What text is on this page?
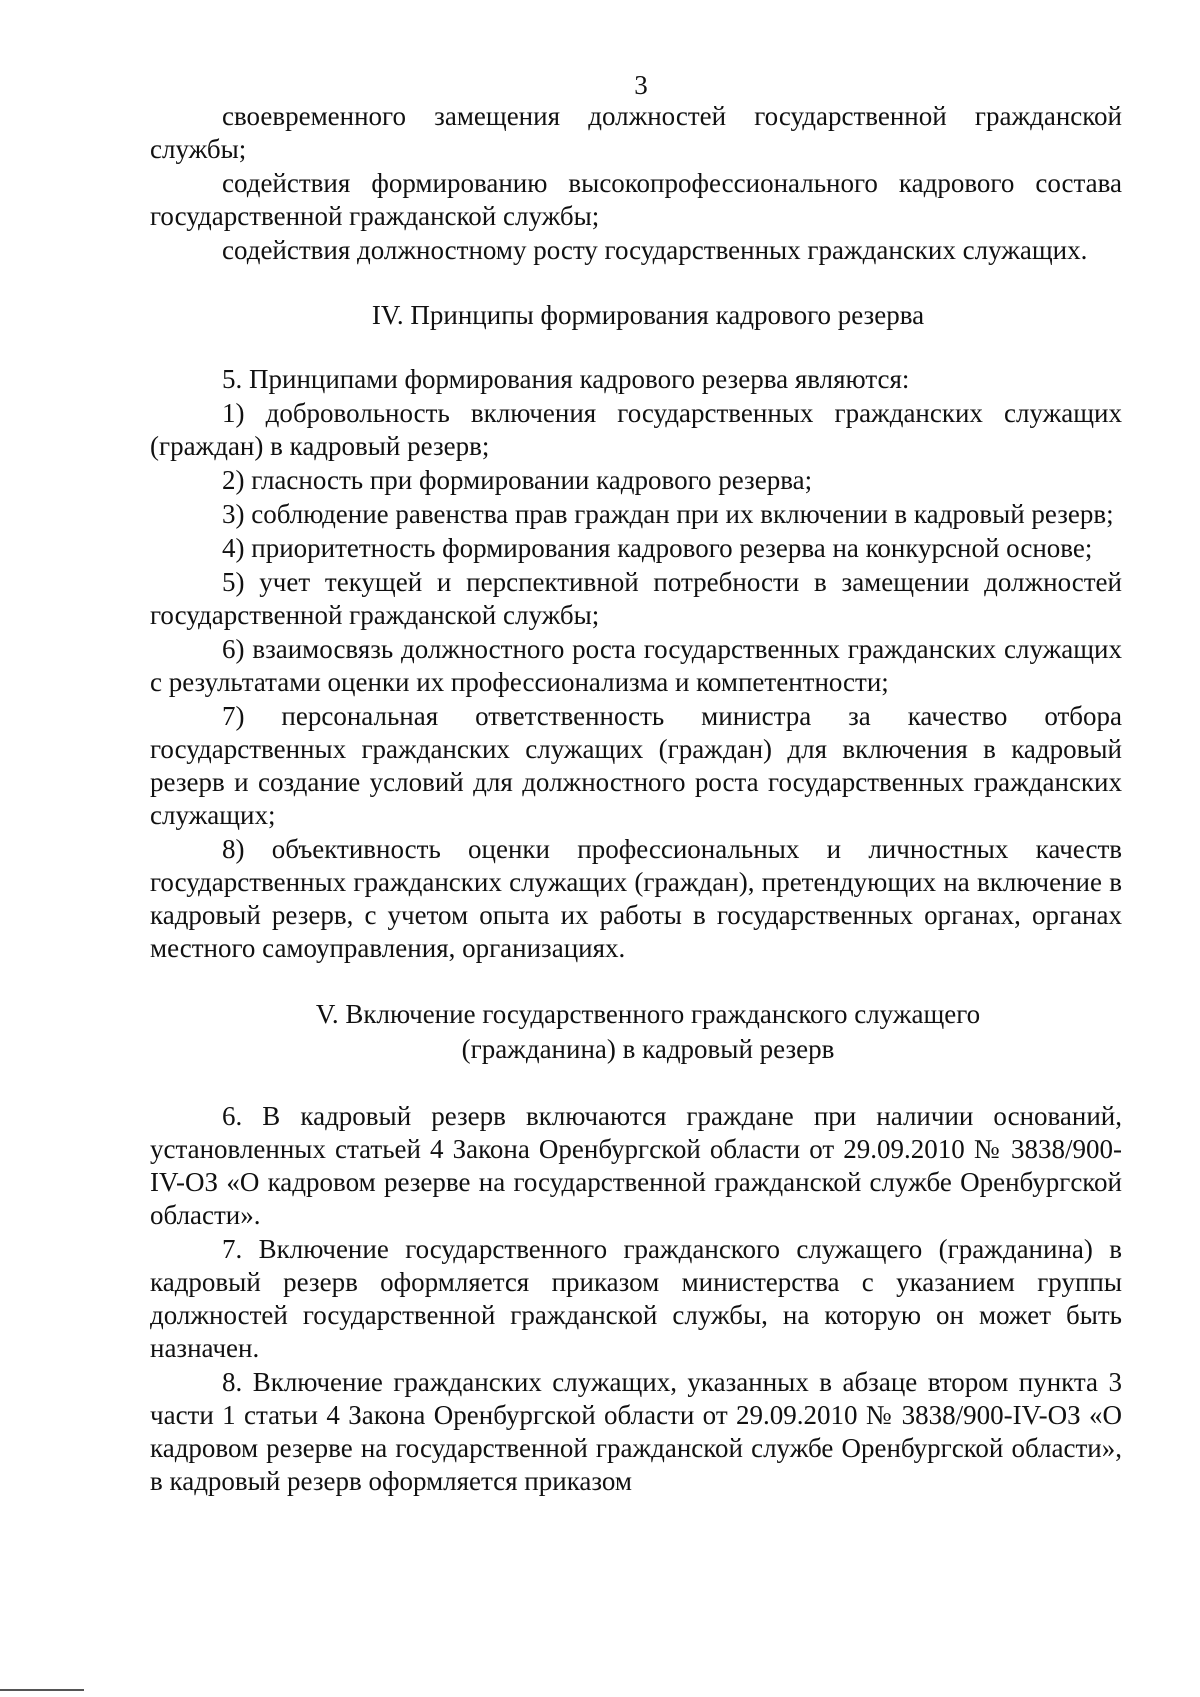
3

своевременного замещения должностей государственной гражданской службы;

содействия формированию высокопрофессионального кадрового состава государственной гражданской службы;

содействия должностному росту государственных гражданских служащих.

IV. Принципы формирования кадрового резерва

5. Принципами формирования кадрового резерва являются:

1) добровольность включения государственных гражданских служащих (граждан) в кадровый резерв;

2) гласность при формировании кадрового резерва;

3) соблюдение равенства прав граждан при их включении в кадровый резерв;

4) приоритетность формирования кадрового резерва на конкурсной основе;

5) учет текущей и перспективной потребности в замещении должностей государственной гражданской службы;

6) взаимосвязь должностного роста государственных гражданских служащих с результатами оценки их профессионализма и компетентности;

7) персональная ответственность министра за качество отбора государственных гражданских служащих (граждан) для включения в кадровый резерв и создание условий для должностного роста государственных гражданских служащих;

8) объективность оценки профессиональных и личностных качеств государственных гражданских служащих (граждан), претендующих на включение в кадровый резерв, с учетом опыта их работы в государственных органах, органах местного самоуправления, организациях.

V. Включение государственного гражданского служащего
(гражданина) в кадровый резерв

6. В кадровый резерв включаются граждане при наличии оснований, установленных статьей 4 Закона Оренбургской области от 29.09.2010 № 3838/900-IV-ОЗ «О кадровом резерве на государственной гражданской службе Оренбургской области».

7. Включение государственного гражданского служащего (гражданина) в кадровый резерв оформляется приказом министерства с указанием группы должностей государственной гражданской службы, на которую он может быть назначен.

8. Включение гражданских служащих, указанных в абзаце втором пункта 3 части 1 статьи 4 Закона Оренбургской области от 29.09.2010 № 3838/900-IV-ОЗ «О кадровом резерве на государственной гражданской службе Оренбургской области», в кадровый резерв оформляется приказом
